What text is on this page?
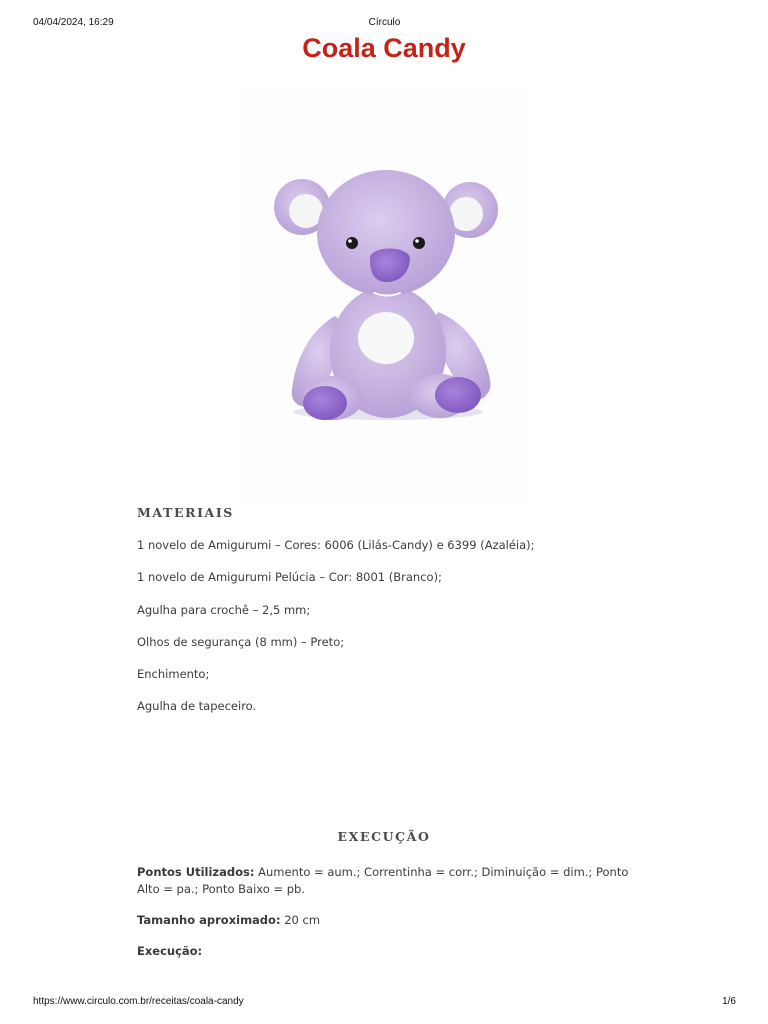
04/04/2024, 16:29	Círculo
Coala Candy
MATERIAIS

1 novelo de Amigurumi – Cores: 6006 (Lilás-Candy) e 6399 (Azaléia);

1 novelo de Amigurumi Pelúcia – Cor: 8001 (Branco);

Agulha para crochê – 2,5 mm;

Olhos de segurança (8 mm) – Preto;

Enchimento;

Agulha de tapeceiro.

EXECUÇÃO

Pontos Utilizados: Aumento = aum.; Correntinha = corr.; Diminuição = dim.; Ponto Alto = pa.; Ponto Baixo = pb.

Tamanho aproximado: 20 cm

Execução:

https://www.circulo.com.br/receitas/coala-candy	1/6
